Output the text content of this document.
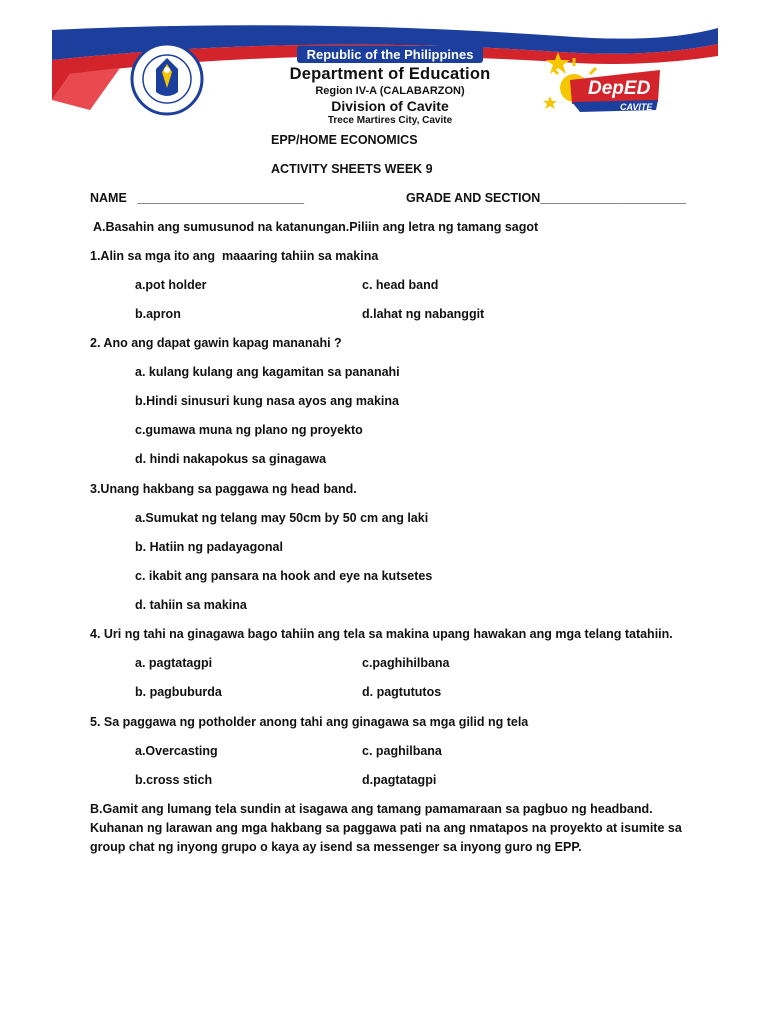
Republic of the Philippines
Department of Education
Region IV-A (CALABARZON)
Division of Cavite
Trece Martires City, Cavite
DepED
CAVITE
EPP/HOME ECONOMICS
ACTIVITY SHEETS WEEK 9
NAME   ________________________	GRADE AND SECTION_____________________
A.Basahin ang sumusunod na katanungan.Piliin ang letra ng tamang sagot
1.Alin sa mga ito ang  maaaring tahiin sa makina
a.pot holder	c. head band
b.apron	d.lahat ng nabanggit
2. Ano ang dapat gawin kapag mananahi ?
a. kulang kulang ang kagamitan sa pananahi
b.Hindi sinusuri kung nasa ayos ang makina
c.gumawa muna ng plano ng proyekto
d. hindi nakapokus sa ginagawa
3.Unang hakbang sa paggawa ng head band.
a.Sumukat ng telang may 50cm by 50 cm ang laki
b. Hatiin ng padayagonal
c. ikabit ang pansara na hook and eye na kutsetes
d. tahiin sa makina
4. Uri ng tahi na ginagawa bago tahiin ang tela sa makina upang hawakan ang mga telang tatahiin.
a. pagtatagpi	c.paghihilbana
b. pagbuburda	d. pagtututos
5. Sa paggawa ng potholder anong tahi ang ginagawa sa mga gilid ng tela
a.Overcasting	c. paghilbana
b.cross stich	d.pagtatagpi
B.Gamit ang lumang tela sundin at isagawa ang tamang pamamaraan sa pagbuo ng headband.
Kuhanan ng larawan ang mga hakbang sa paggawa pati na ang nmatapos na proyekto at isumite sa
group chat ng inyong grupo o kaya ay isend sa messenger sa inyong guro ng EPP.
